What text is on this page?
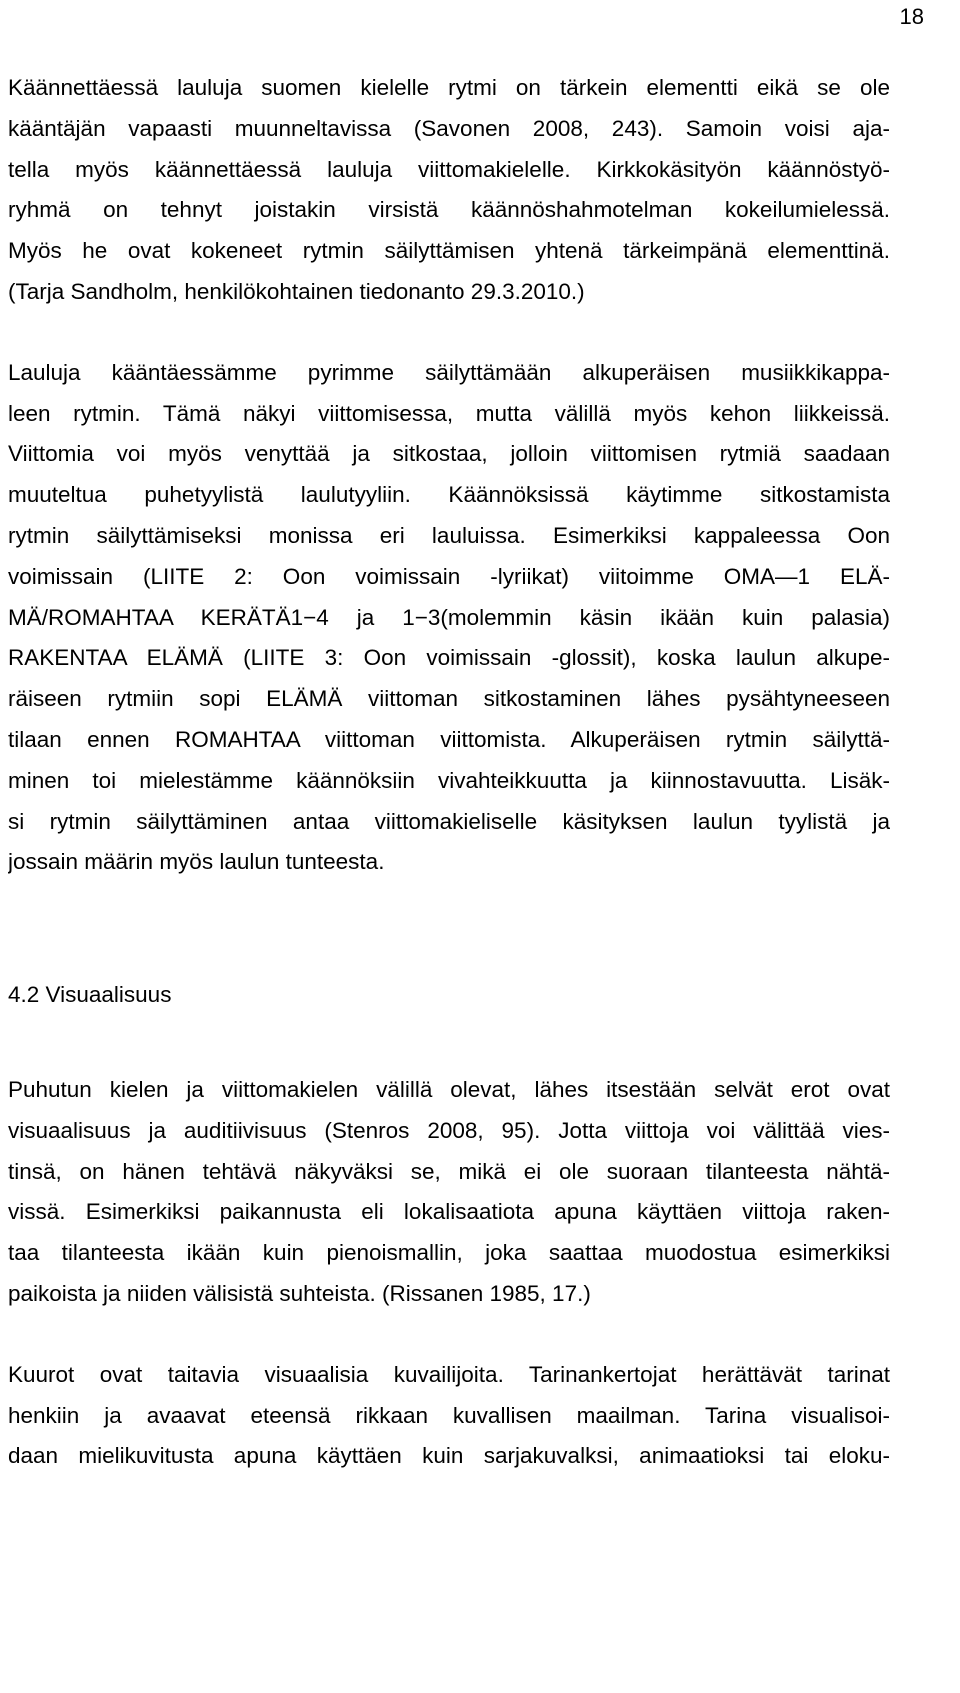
18
Käännettäessä lauluja suomen kielelle rytmi on tärkein elementti eikä se ole
kääntäjän vapaasti muunneltavissa (Savonen 2008, 243). Samoin voisi aja-
tella myös käännettäessä lauluja viittomakielelle. Kirkkokäsityön käännöstyö-
ryhmä on tehnyt joistakin virsistä käännöshahmotelman kokeilumielessä.
Myös he ovat kokeneet rytmin säilyttämisen yhtenä tärkeimpänä elementtinä.
(Tarja Sandholm, henkilökohtainen tiedonanto 29.3.2010.)
Lauluja kääntäessämme pyrimme säilyttämään alkuperäisen musiikkikappa-
leen rytmin. Tämä näkyi viittomisessa, mutta välillä myös kehon liikkeissä.
Viittomia voi myös venyttää ja sitkostaa, jolloin viittomisen rytmiä saadaan
muuteltua puhetyylistä laulutyyliin. Käännöksissä käytimme sitkostamista
rytmin säilyttämiseksi monissa eri lauluissa. Esimerkiksi kappaleessa Oon
voimissain (LIITE 2: Oon voimissain -lyriikat) viitoimme OMA—1 ELÄ-
MÄ/ROMAHTAA KERÄTÄ1−4 ja 1−3(molemmin käsin ikään kuin palasia)
RAKENTAA ELÄMÄ (LIITE 3: Oon voimissain -glossit), koska laulun alkupe-
räiseen rytmiin sopi ELÄMÄ viittoman sitkostaminen lähes pysähtyneeseen
tilaan ennen ROMAHTAA viittoman viittomista. Alkuperäisen rytmin säilyttä-
minen toi mielestämme käännöksiin vivahteikkuutta ja kiinnostavuutta. Lisäk-
si rytmin säilyttäminen antaa viittomakieliselle käsityksen laulun tyylistä ja
jossain määrin myös laulun tunteesta.
4.2 Visuaalisuus
Puhutun kielen ja viittomakielen välillä olevat, lähes itsestään selvät erot ovat
visuaalisuus ja auditiivisuus (Stenros 2008, 95). Jotta viittoja voi välittää vies-
tinsä, on hänen tehtävä näkyväksi se, mikä ei ole suoraan tilanteesta nähtä-
vissä. Esimerkiksi paikannusta eli lokalisaatiota apuna käyttäen viittoja raken-
taa tilanteesta ikään kuin pienoismallin, joka saattaa muodostua esimerkiksi
paikoista ja niiden välisistä suhteista. (Rissanen 1985, 17.)
Kuurot ovat taitavia visuaalisia kuvailijoita. Tarinankertojat herättävät tarinat
henkiin ja avaavat eteensä rikkaan kuvallisen maailman. Tarina visualisoi-
daan mielikuvitusta apuna käyttäen kuin sarjakuvalksi, animaatioksi tai eloku-
